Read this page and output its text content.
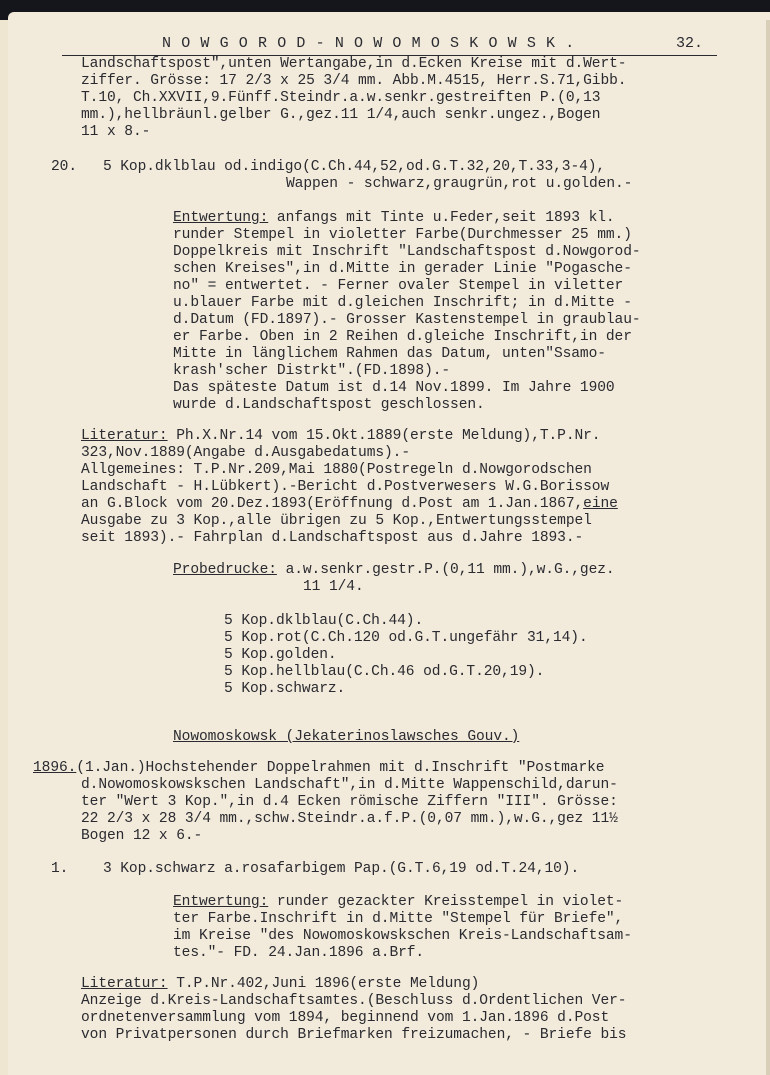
N O W G O R O D - N O W O M O S K O W S K .	32.
Landschaftspost",unten Wertangabe,in d.Ecken Kreise mit d.Wert-
ziffer. Grösse: 17 2/3 x 25 3/4 mm. Abb.M.4515, Herr.S.71,Gibb.
T.10, Ch.XXVII,9.Fünff.Steindr.a.w.senkr.gestreiften P.(0,13
mm.),hellbräunl.gelber G.,gez.11 1/4,auch senkr.ungez.,Bogen
11 x 8.-
20.   5 Kop.dklblau od.indigo(C.Ch.44,52,od.G.T.32,20,T.33,3-4),
Wappen - schwarz,graugrün,rot u.golden.-
Entwertung: anfangs mit Tinte u.Feder,seit 1893 kl.
runder Stempel in violetter Farbe(Durchmesser 25 mm.)
Doppelkreis mit Inschrift "Landschaftspost d.Nowgorod-
schen Kreises",in d.Mitte in gerader Linie "Pogasche-
no" = entwertet. - Ferner ovaler Stempel in viletter
u.blauer Farbe mit d.gleichen Inschrift; in d.Mitte -
d.Datum (FD.1897).- Grosser Kastenstempel in graublau-
er Farbe. Oben in 2 Reihen d.gleiche Inschrift,in der
Mitte in länglichem Rahmen das Datum, unten"Ssamo-
krash'scher Distrkt".(FD.1898).-
Das späteste Datum ist d.14 Nov.1899. Im Jahre 1900
wurde d.Landschaftspost geschlossen.
Literatur: Ph.X.Nr.14 vom 15.Okt.1889(erste Meldung),T.P.Nr.
323,Nov.1889(Angabe d.Ausgabedatums).-
Allgemeines: T.P.Nr.209,Mai 1880(Postregeln d.Nowgorodschen
Landschaft - H.Lübkert).-Bericht d.Postverwesers W.G.Borissow
an G.Block vom 20.Dez.1893(Eröffnung d.Post am 1.Jan.1867,eine
Ausgabe zu 3 Kop.,alle übrigen zu 5 Kop.,Entwertungsstempel
seit 1893).- Fahrplan d.Landschaftspost aus d.Jahre 1893.-
Probedrucke: a.w.senkr.gestr.P.(0,11 mm.),w.G.,gez.
11 1/4.
5 Kop.dklblau(C.Ch.44).
5 Kop.rot(C.Ch.120 od.G.T.ungefähr 31,14).
5 Kop.golden.
5 Kop.hellblau(C.Ch.46 od.G.T.20,19).
5 Kop.schwarz.
Nowomoskowsk (Jekaterinoslawsches Gouv.)
1896.(1.Jan.)Hochstehender Doppelrahmen mit d.Inschrift "Postmarke
d.Nowomoskowskschen Landschaft",in d.Mitte Wappenschild,darun-
ter "Wert 3 Kop.",in d.4 Ecken römische Ziffern "III". Grösse:
22 2/3 x 28 3/4 mm.,schw.Steindr.a.f.P.(0,07 mm.),w.G.,gez 11½
Bogen 12 x 6.-
1.    3 Kop.schwarz a.rosafarbigem Pap.(G.T.6,19 od.T.24,10).
Entwertung: runder gezackter Kreisstempel in violet-
ter Farbe.Inschrift in d.Mitte "Stempel für Briefe",
im Kreise "des Nowomoskowskschen Kreis-Landschaftsam-
tes."- FD. 24.Jan.1896 a.Brf.
Literatur: T.P.Nr.402,Juni 1896(erste Meldung)
Anzeige d.Kreis-Landschaftsamtes.(Beschluss d.Ordentlichen Ver-
ordnetenversammlung vom 1894, beginnend vom 1.Jan.1896 d.Post
von Privatpersonen durch Briefmarken freizumachen, - Briefe bis
